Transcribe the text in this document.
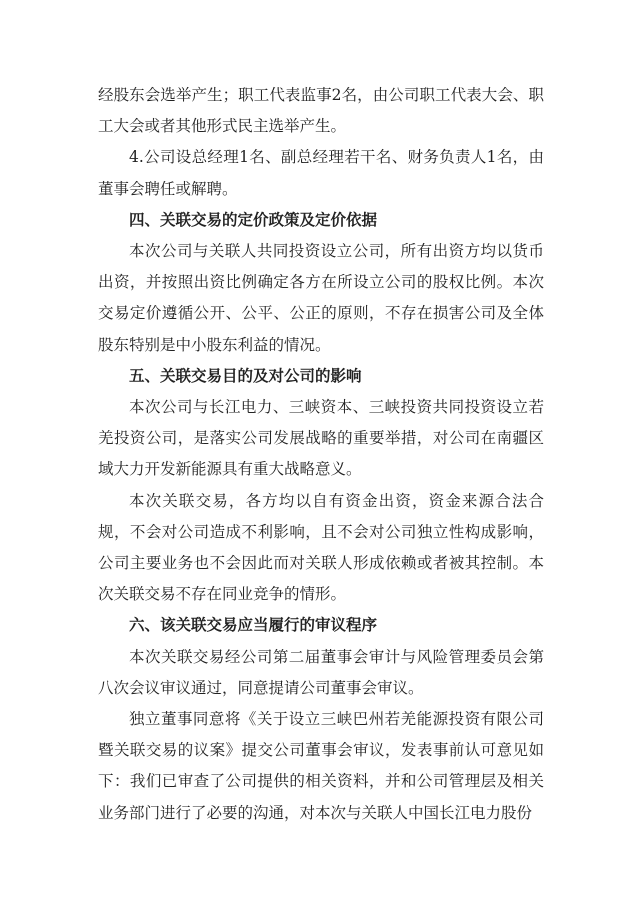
经股东会选举产生；职工代表监事2名，由公司职工代表大会、职工大会或者其他形式民主选举产生。

4.公司设总经理1名、副总经理若干名、财务负责人1名，由董事会聘任或解聘。

四、关联交易的定价政策及定价依据

本次公司与关联人共同投资设立公司，所有出资方均以货币出资，并按照出资比例确定各方在所设立公司的股权比例。本次交易定价遵循公开、公平、公正的原则，不存在损害公司及全体股东特别是中小股东利益的情况。

五、关联交易目的及对公司的影响

本次公司与长江电力、三峡资本、三峡投资共同投资设立若羌投资公司，是落实公司发展战略的重要举措，对公司在南疆区域大力开发新能源具有重大战略意义。

本次关联交易，各方均以自有资金出资，资金来源合法合规，不会对公司造成不利影响，且不会对公司独立性构成影响，公司主要业务也不会因此而对关联人形成依赖或者被其控制。本次关联交易不存在同业竞争的情形。

六、该关联交易应当履行的审议程序

本次关联交易经公司第二届董事会审计与风险管理委员会第八次会议审议通过，同意提请公司董事会审议。

独立董事同意将《关于设立三峡巴州若羌能源投资有限公司暨关联交易的议案》提交公司董事会审议，发表事前认可意见如下：我们已审查了公司提供的相关资料，并和公司管理层及相关业务部门进行了必要的沟通，对本次与关联人中国长江电力股份
